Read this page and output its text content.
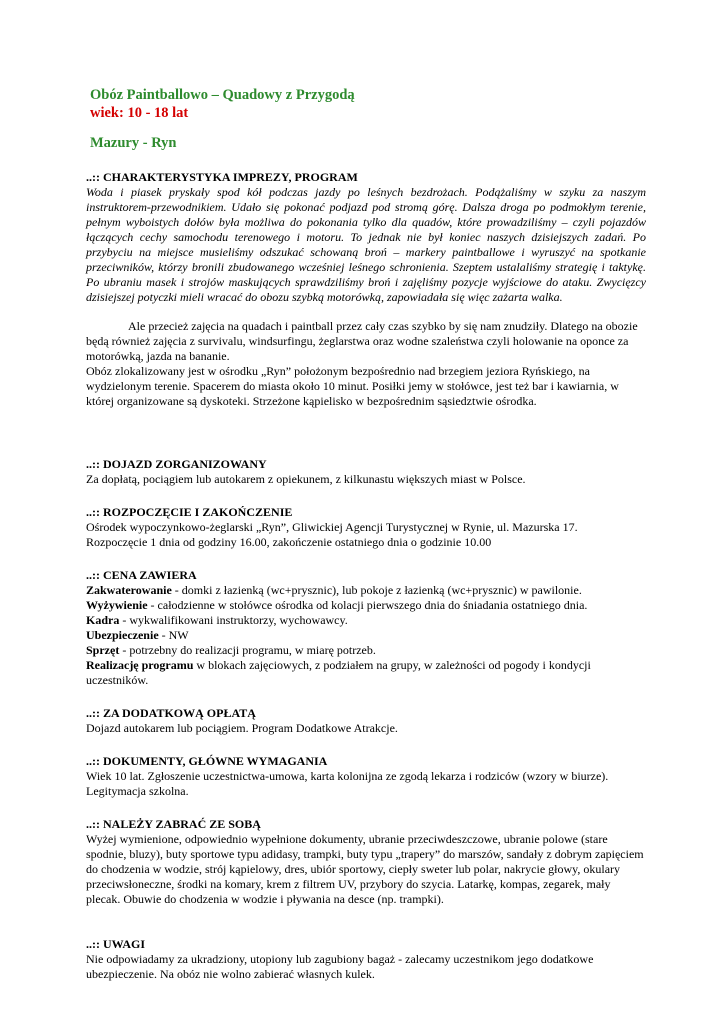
Obóz Paintballowo – Quadowy z Przygodą

wiek: 10 - 18 lat

Mazury - Ryn

..:: CHARAKTERYSTYKA IMPREZY, PROGRAM

Woda i piasek pryskały spod kół podczas jazdy po leśnych bezdrożach. Podążaliśmy w szyku za naszym instruktorem-przewodnikiem. Udało się pokonać podjazd pod stromą górę. Dalsza droga po podmokłym terenie, pełnym wyboistych dołów była możliwa do pokonania tylko dla quadów, które prowadziliśmy – czyli pojazdów łączących cechy samochodu terenowego i motoru. To jednak nie był koniec naszych dzisiejszych zadań. Po przybyciu na miejsce musieliśmy odszukać schowaną broń – markery paintballowe i wyruszyć na spotkanie przeciwników, którzy bronili zbudowanego wcześniej leśnego schronienia. Szeptem ustalaliśmy strategię i taktykę. Po ubraniu masek i strojów maskujących sprawdziliśmy broń i zajęliśmy pozycje wyjściowe do ataku. Zwycięzcy dzisiejszej potyczki mieli wracać do obozu szybką motorówką, zapowiadała się więc zażarta walka.

Ale przecież zajęcia na quadach i paintball przez cały czas szybko by się nam znudziły. Dlatego na obozie będą również zajęcia z survivalu, windsurfingu, żeglarstwa oraz wodne szaleństwa czyli holowanie na oponce za motorówką, jazda na bananie.

Obóz zlokalizowany jest w ośrodku „Ryn” położonym bezpośrednio nad brzegiem jeziora Ryńskiego, na wydzielonym terenie. Spacerem do miasta około 10 minut. Posiłki jemy w stołówce, jest też bar i kawiarnia, w której organizowane są dyskoteki. Strzeżone kąpielisko w bezpośrednim sąsiedztwie ośrodka.

..:: DOJAZD ZORGANIZOWANY

Za dopłatą, pociągiem lub autokarem z opiekunem, z kilkunastu większych miast w Polsce.

..:: ROZPOCZĘCIE I ZAKOŃCZENIE

Ośrodek wypoczynkowo-żeglarski „Ryn”, Gliwickiej Agencji Turystycznej w Rynie, ul. Mazurska 17.

Rozpoczęcie 1 dnia od godziny 16.00, zakończenie ostatniego dnia o godzinie 10.00

..:: CENA ZAWIERA

Zakwaterowanie - domki z łazienką (wc+prysznic), lub pokoje z łazienką (wc+prysznic) w pawilonie.

Wyżywienie - całodzienne w stołówce ośrodka od kolacji pierwszego dnia do śniadania ostatniego dnia.

Kadra - wykwalifikowani instruktorzy, wychowawcy.

Ubezpieczenie - NW

Sprzęt - potrzebny do realizacji programu, w miarę potrzeb.

Realizację programu w blokach zajęciowych, z podziałem na grupy, w zależności od pogody i kondycji uczestników.

..:: ZA DODATKOWĄ OPŁATĄ

Dojazd autokarem lub pociągiem. Program Dodatkowe Atrakcje.

..:: DOKUMENTY, GŁÓWNE WYMAGANIA

Wiek 10 lat. Zgłoszenie uczestnictwa-umowa, karta kolonijna ze zgodą lekarza i rodziców (wzory w biurze). Legitymacja szkolna.

..:: NALEŻY ZABRAĆ ZE SOBĄ

Wyżej wymienione, odpowiednio wypełnione dokumenty, ubranie przeciwdeszczowe, ubranie polowe (stare spodnie, bluzy), buty sportowe typu adidasy, trampki, buty typu „trapery” do marszów, sandały z dobrym zapięciem do chodzenia w wodzie, strój kąpielowy, dres, ubiór sportowy, ciepły sweter lub polar, nakrycie głowy, okulary przeciwsłoneczne, środki na komary, krem z filtrem UV, przybory do szycia. Latarkę, kompas, zegarek, mały plecak. Obuwie do chodzenia w wodzie i pływania na desce (np. trampki).

..:: UWAGI

Nie odpowiadamy za ukradziony, utopiony lub zagubiony bagaż - zalecamy uczestnikom jego dodatkowe ubezpieczenie. Na obóz nie wolno zabierać własnych kulek.
